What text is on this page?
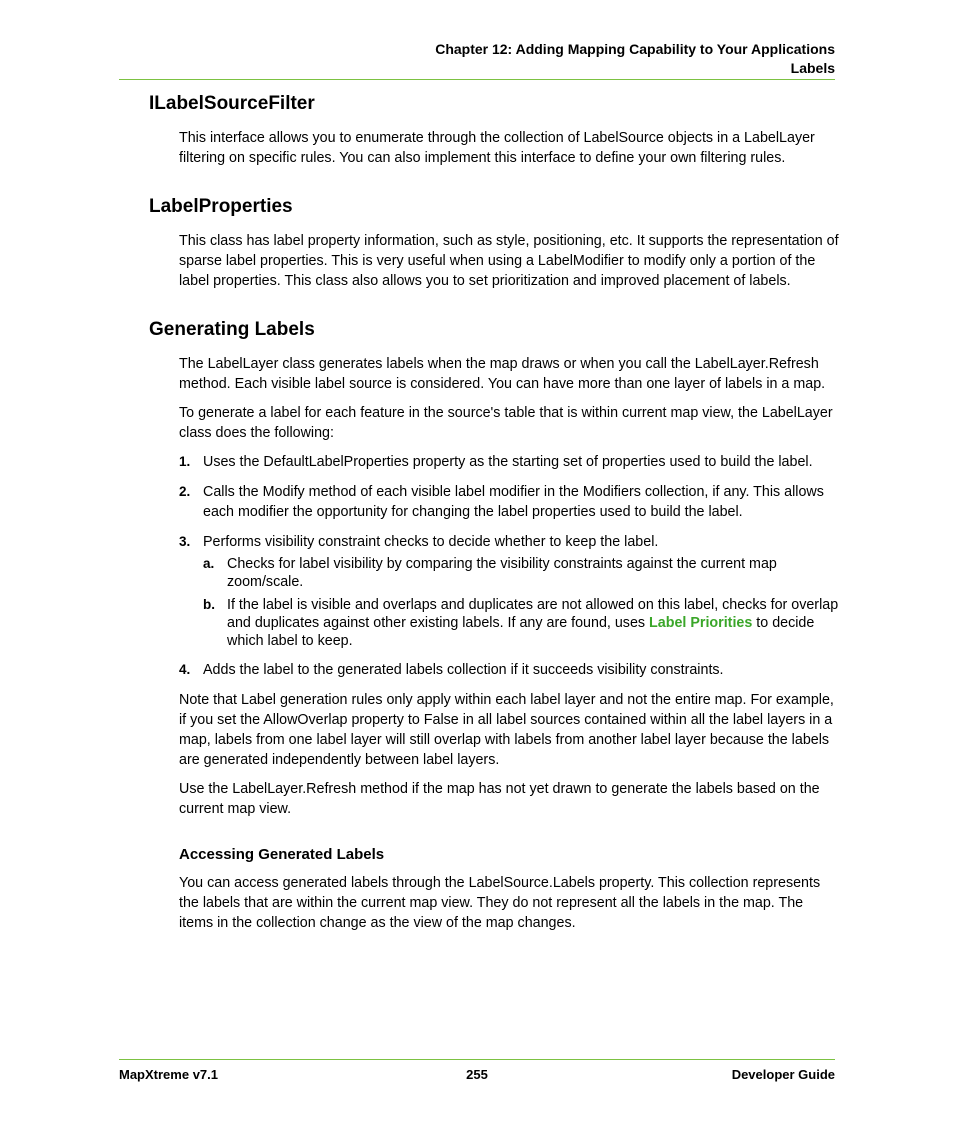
Chapter 12: Adding Mapping Capability to Your Applications
Labels
ILabelSourceFilter

This interface allows you to enumerate through the collection of LabelSource objects in a LabelLayer filtering on specific rules. You can also implement this interface to define your own filtering rules.

LabelProperties

This class has label property information, such as style, positioning, etc. It supports the representation of sparse label properties. This is very useful when using a LabelModifier to modify only a portion of the label properties. This class also allows you to set prioritization and improved placement of labels.

Generating Labels

The LabelLayer class generates labels when the map draws or when you call the LabelLayer.Refresh method. Each visible label source is considered. You can have more than one layer of labels in a map.

To generate a label for each feature in the source's table that is within current map view, the LabelLayer class does the following:

1. Uses the DefaultLabelProperties property as the starting set of properties used to build the label.
2. Calls the Modify method of each visible label modifier in the Modifiers collection, if any. This allows each modifier the opportunity for changing the label properties used to build the label.
3. Performs visibility constraint checks to decide whether to keep the label.
a. Checks for label visibility by comparing the visibility constraints against the current map zoom/scale.
b. If the label is visible and overlaps and duplicates are not allowed on this label, checks for overlap and duplicates against other existing labels. If any are found, uses Label Priorities to decide which label to keep.
4. Adds the label to the generated labels collection if it succeeds visibility constraints.

Note that Label generation rules only apply within each label layer and not the entire map. For example, if you set the AllowOverlap property to False in all label sources contained within all the label layers in a map, labels from one label layer will still overlap with labels from another label layer because the labels are generated independently between label layers.

Use the LabelLayer.Refresh method if the map has not yet drawn to generate the labels based on the current map view.

Accessing Generated Labels

You can access generated labels through the LabelSource.Labels property. This collection represents the labels that are within the current map view. They do not represent all the labels in the map. The items in the collection change as the view of the map changes.

MapXtreme v7.1	255	Developer Guide
